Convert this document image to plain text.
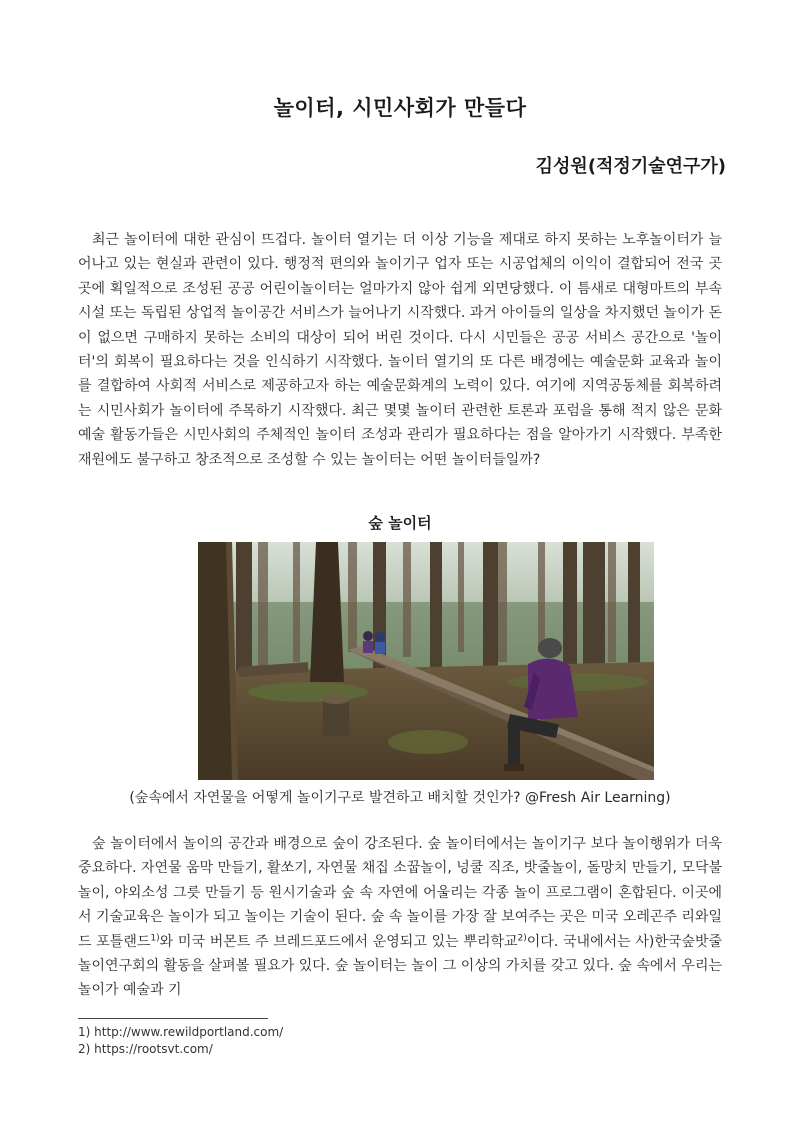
놀이터, 시민사회가 만들다
김성원(적정기술연구가)

최근 놀이터에 대한 관심이 뜨겁다. 놀이터 열기는 더 이상 기능을 제대로 하지 못하는 노후놀이터가 늘어나고 있는 현실과 관련이 있다. 행정적 편의와 놀이기구 업자 또는 시공업체의 이익이 결합되어 전국 곳곳에 획일적으로 조성된 공공 어린이놀이터는 얼마가지 않아 쉽게 외면당했다. 이 틈새로 대형마트의 부속시설 또는 독립된 상업적 놀이공간 서비스가 늘어나기 시작했다. 과거 아이들의 일상을 차지했던 놀이가 돈이 없으면 구매하지 못하는 소비의 대상이 되어 버린 것이다. 다시 시민들은 공공 서비스 공간으로 '놀이터'의 회복이 필요하다는 것을 인식하기 시작했다. 놀이터 열기의 또 다른 배경에는 예술문화 교육과 놀이를 결합하여 사회적 서비스로 제공하고자 하는 예술문화계의 노력이 있다. 여기에 지역공동체를 회복하려는 시민사회가 놀이터에 주목하기 시작했다. 최근 몇몇 놀이터 관련한 토론과 포럼을 통해 적지 않은 문화예술 활동가들은 시민사회의 주체적인 놀이터 조성과 관리가 필요하다는 점을 알아가기 시작했다. 부족한 재원에도 불구하고 창조적으로 조성할 수 있는 놀이터는 어떤 놀이터들일까?

숲 놀이터
(숲속에서 자연물을 어떻게 놀이기구로 발견하고 배치할 것인가? @Fresh Air Learning)

숲 놀이터에서 놀이의 공간과 배경으로 숲이 강조된다. 숲 놀이터에서는 놀이기구 보다 놀이행위가 더욱 중요하다. 자연물 움막 만들기, 활쏘기, 자연물 채집 소꿉놀이, 넝쿨 직조, 밧줄놀이, 돌망치 만들기, 모닥불 놀이, 야외소성 그릇 만들기 등 원시기술과 숲 속 자연에 어울리는 각종 놀이 프로그램이 혼합된다. 이곳에서 기술교육은 놀이가 되고 놀이는 기술이 된다. 숲 속 놀이를 가장 잘 보여주는 곳은 미국 오레곤주 리와일드 포틀랜드$^{1)}$와 미국 버몬트 주 브레드포드에서 운영되고 있는 뿌리학교$^{2)}$이다. 국내에서는 사)한국숲밧줄놀이연구회의 활동을 살펴볼 필요가 있다. 숲 놀이터는 놀이 그 이상의 가치를 갖고 있다. 숲 속에서 우리는 놀이가 예술과 기

1) http://www.rewildportland.com/
2) https://rootsvt.com/
